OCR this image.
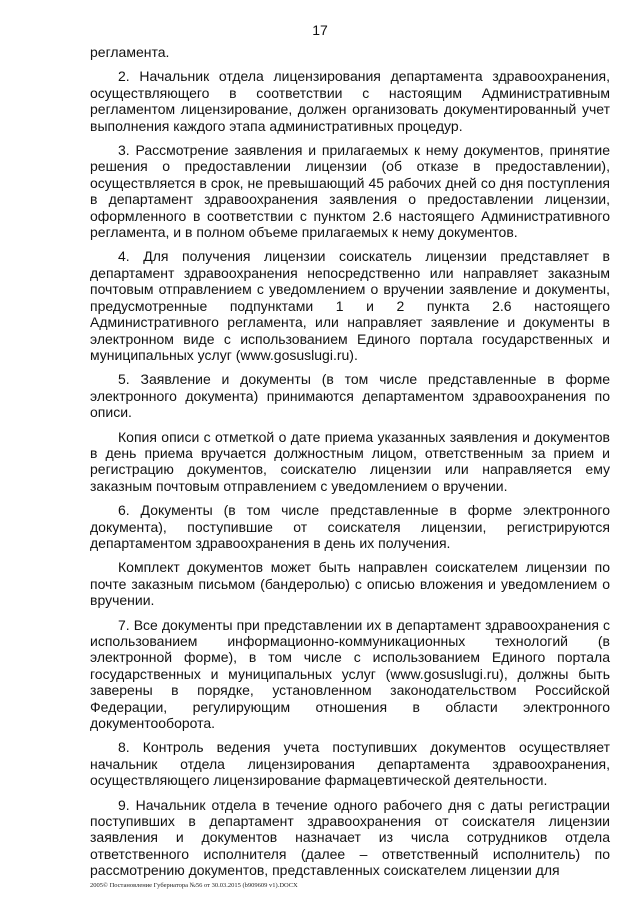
17

регламента.

2. Начальник отдела лицензирования департамента здравоохранения, осуществляющего в соответствии с настоящим Административным регламентом лицензирование, должен организовать документированный учет выполнения каждого этапа административных процедур.

3. Рассмотрение заявления и прилагаемых к нему документов, принятие решения о предоставлении лицензии (об отказе в предоставлении), осуществляется в срок, не превышающий 45 рабочих дней со дня поступления в департамент здравоохранения заявления о предоставлении лицензии, оформленного в соответствии с пунктом 2.6 настоящего Административного регламента, и в полном объеме прилагаемых к нему документов.

4. Для получения лицензии соискатель лицензии представляет в департамент здравоохранения непосредственно или направляет заказным почтовым отправлением с уведомлением о вручении заявление и документы, предусмотренные подпунктами 1 и 2 пункта 2.6 настоящего Административного регламента, или направляет заявление и документы в электронном виде с использованием Единого портала государственных и муниципальных услуг (www.gosuslugi.ru).

5. Заявление и документы (в том числе представленные в форме электронного документа) принимаются департаментом здравоохранения по описи.

Копия описи с отметкой о дате приема указанных заявления и документов в день приема вручается должностным лицом, ответственным за прием и регистрацию документов, соискателю лицензии или направляется ему заказным почтовым отправлением с уведомлением о вручении.

6. Документы (в том числе представленные в форме электронного документа), поступившие от соискателя лицензии, регистрируются департаментом здравоохранения в день их получения.

Комплект документов может быть направлен соискателем лицензии по почте заказным письмом (бандеролью) с описью вложения и уведомлением о вручении.

7. Все документы при представлении их в департамент здравоохранения с использованием информационно-коммуникационных технологий (в электронной форме), в том числе с использованием Единого портала государственных и муниципальных услуг (www.gosuslugi.ru), должны быть заверены в порядке, установленном законодательством Российской Федерации, регулирующим отношения в области электронного документооборота.

8. Контроль ведения учета поступивших документов осуществляет начальник отдела лицензирования департамента здравоохранения, осуществляющего лицензирование фармацевтической деятельности.

9. Начальник отдела в течение одного рабочего дня с даты регистрации поступивших в департамент здравоохранения от соискателя лицензии заявления и документов назначает из числа сотрудников отдела ответственного исполнителя (далее – ответственный исполнитель) по рассмотрению документов, представленных соискателем лицензии для

2005© Постановление Губернатора №56 от 30.03.2015 (b909609 v1).DOCX
